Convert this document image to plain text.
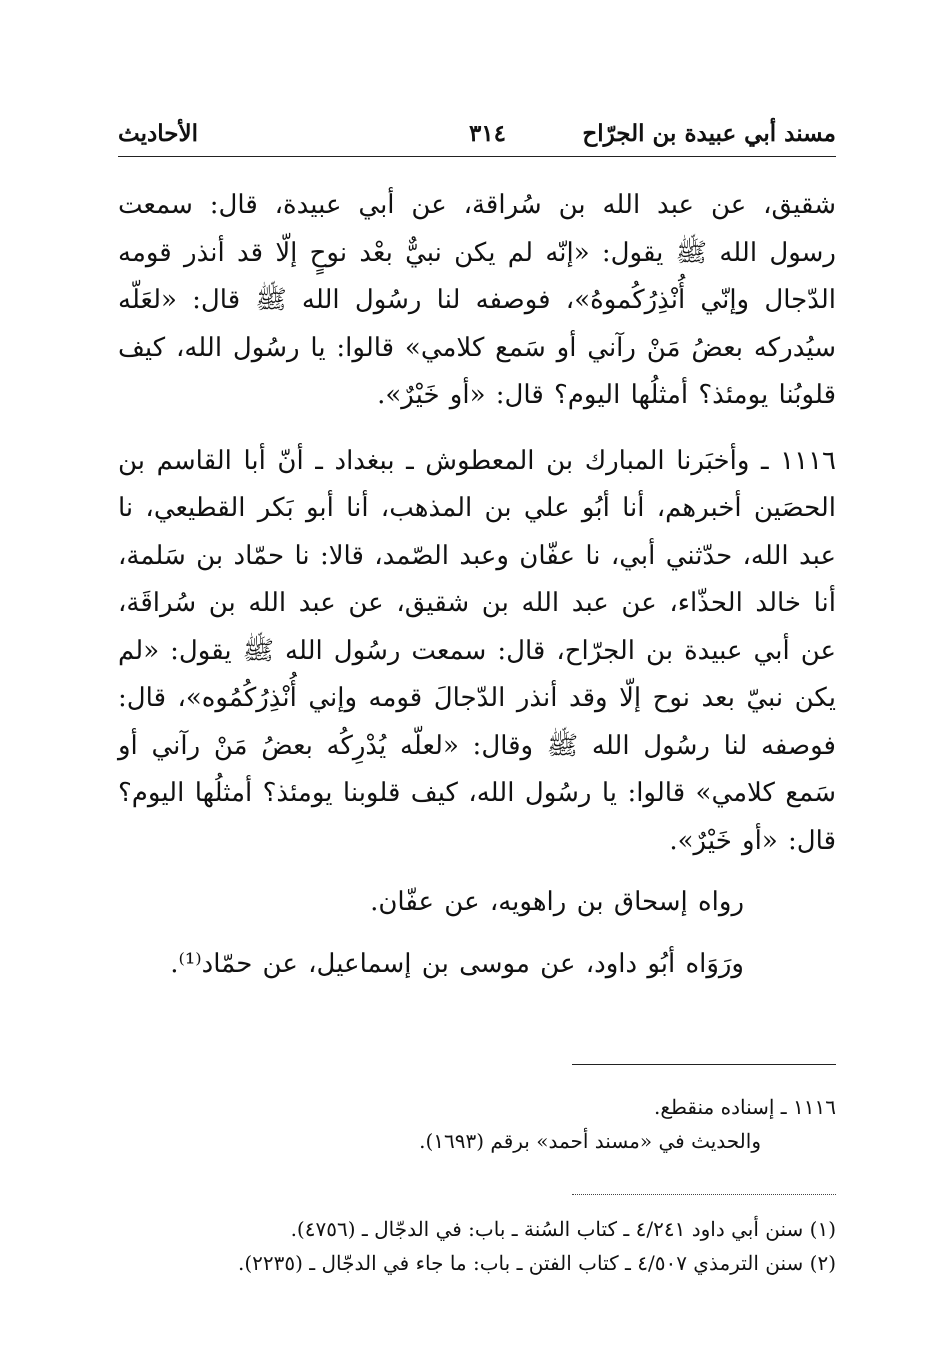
مسند أبي عبيدة بن الجرّاح
٣١٤
الأحاديث

شقيق، عن عبد الله بن سُراقة، عن أبي عبيدة، قال: سمعت رسول الله ﷺ يقول: «إنّه لم يكن نبيٌّ بعْد نوحٍ إلّا قد أنذر قومه الدّجال وإنّي أُنْذِرُكُموهُ»، فوصفه لنا رسُول الله ﷺ قال: «لعَلّه سيُدركه بعضُ مَنْ رآني أو سَمع كلامي» قالوا: يا رسُول الله، كيف قلوبُنا يومئذ؟ أمثلُها اليوم؟ قال: «أو خَيْرٌ».

١١١٦ ـ وأخبَرنا المبارك بن المعطوش ـ ببغداد ـ أنّ أبا القاسم بن الحصَين أخبرهم، أنا أبُو علي بن المذهب، أنا أبو بَكر القطيعي، نا عبد الله، حدّثني أبي، نا عفّان وعبد الصّمد، قالا: نا حمّاد بن سَلمة، أنا خالد الحذّاء، عن عبد الله بن شقيق، عن عبد الله بن سُراقَة، عن أبي عبيدة بن الجرّاح، قال: سمعت رسُول الله ﷺ يقول: «لم يكن نبيّ بعد نوح إلّا وقد أنذر الدّجالَ قومه وإني أُنْذِرُكُمُوه»، قال: فوصفه لنا رسُول الله ﷺ وقال: «لعلّه يُدْرِكُه بعضُ مَنْ رآني أو سَمع كلامي» قالوا: يا رسُول الله، كيف قلوبنا يومئذ؟ أمثلُها اليوم؟ قال: «أو خَيْرٌ».

رواه إسحاق بن راهويه، عن عفّان.

ورَوَاه أبُو داود، عن موسى بن إسماعيل، عن حمّاد⁽¹⁾.

١١١٦ ـ إسناده منقطع.

والحديث في «مسند أحمد» برقم (١٦٩٣).

(١) سنن أبي داود ٤/٢٤١ ـ كتاب السُنة ـ باب: في الدجّال ـ (٤٧٥٦).

(٢) سنن الترمذي ٤/٥٠٧ ـ كتاب الفتن ـ باب: ما جاء في الدجّال ـ (٢٢٣٥).
